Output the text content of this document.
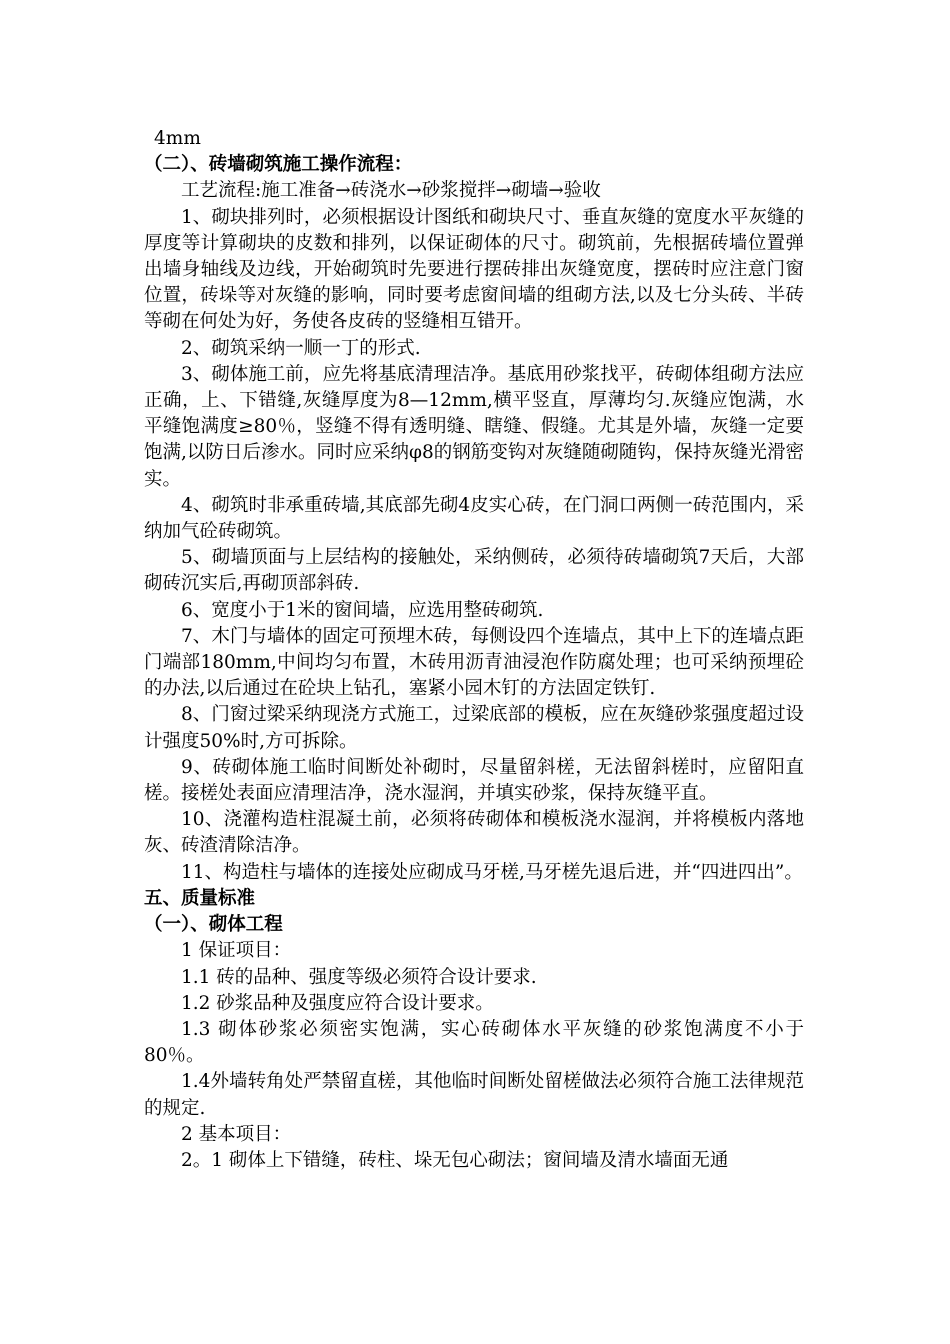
4mm

（二）、砖墙砌筑施工操作流程：

工艺流程:施工准备→砖浇水→砂浆搅拌→砌墙→验收

1、砌块排列时，必须根据设计图纸和砌块尺寸、垂直灰缝的宽度水平灰缝的厚度等计算砌块的皮数和排列，以保证砌体的尺寸。砌筑前，先根据砖墙位置弹出墙身轴线及边线，开始砌筑时先要进行摆砖排出灰缝宽度，摆砖时应注意门窗位置，砖垛等对灰缝的影响，同时要考虑窗间墙的组砌方法,以及七分头砖、半砖等砌在何处为好，务使各皮砖的竖缝相互错开。

2、砌筑采纳一顺一丁的形式.

3、砌体施工前，应先将基底清理洁净。基底用砂浆找平，砖砌体组砌方法应正确，上、下错缝,灰缝厚度为8—12mm,横平竖直，厚薄均匀.灰缝应饱满，水平缝饱满度≥80％，竖缝不得有透明缝、瞎缝、假缝。尤其是外墙，灰缝一定要饱满,以防日后渗水。同时应采纳φ8的钢筋变钩对灰缝随砌随钩，保持灰缝光滑密实。

4、砌筑时非承重砖墙,其底部先砌4皮实心砖，在门洞口两侧一砖范围内，采纳加气砼砖砌筑。

5、砌墙顶面与上层结构的接触处，采纳侧砖，必须待砖墙砌筑7天后，大部砌砖沉实后,再砌顶部斜砖.

6、宽度小于1米的窗间墙，应选用整砖砌筑.

7、木门与墙体的固定可预埋木砖，每侧设四个连墙点，其中上下的连墙点距门端部180mm,中间均匀布置，木砖用沥青油浸泡作防腐处理；也可采纳预埋砼的办法,以后通过在砼块上钻孔，塞紧小园木钉的方法固定铁钉.

8、门窗过梁采纳现浇方式施工，过梁底部的模板，应在灰缝砂浆强度超过设计强度50%时,方可拆除。

9、砖砌体施工临时间断处补砌时，尽量留斜槎，无法留斜槎时，应留阳直槎。接槎处表面应清理洁净，浇水湿润，并填实砂浆，保持灰缝平直。

10、浇灌构造柱混凝土前，必须将砖砌体和模板浇水湿润，并将模板内落地灰、砖渣清除洁净。

11、构造柱与墙体的连接处应砌成马牙槎,马牙槎先退后进，并“四进四出”。

五、质量标准

（一）、砌体工程

1 保证项目：

1.1 砖的品种、强度等级必须符合设计要求.

1.2 砂浆品种及强度应符合设计要求。

1.3 砌体砂浆必须密实饱满，实心砖砌体水平灰缝的砂浆饱满度不小于80％。

1.4外墙转角处严禁留直槎，其他临时间断处留槎做法必须符合施工法律规范的规定.

2 基本项目：

2。1 砌体上下错缝，砖柱、垛无包心砌法；窗间墙及清水墙面无通
